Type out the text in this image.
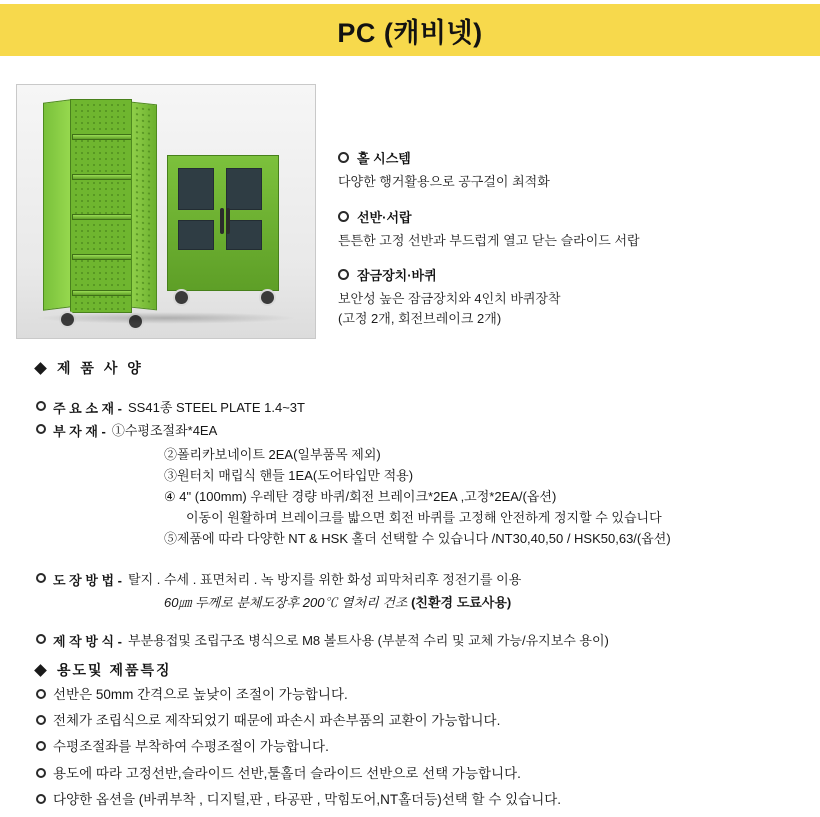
PC (캐비넷)
홀 시스템
다양한 행거활용으로 공구걸이 최적화
선반·서랍
튼튼한 고정 선반과 부드럽게 열고 닫는 슬라이드 서랍
잠금장치·바퀴
보안성 높은 잠금장치와 4인치 바퀴장착
(고정 2개, 회전브레이크 2개)
제 품 사 양
주 요 소 재 - SS41종 STEEL PLATE 1.4~3T
부 자 재 - ①수평조절좌*4EA
②폴리카보네이트 2EA(일부품목 제외)
③원터치 매립식 핸들 1EA(도어타입만 적용)
④ 4" (100mm) 우레탄 경량 바퀴/회전 브레이크*2EA ,고정*2EA/(옵션)
이동이 원활하며 브레이크를 밟으면 회전 바퀴를 고정해 안전하게 정지할 수 있습니다
⑤제품에 따라 다양한 NT & HSK 홀더 선택할 수 있습니다 /NT30,40,50 / HSK50,63/(옵션)
도 장 방 법 - 탈지 . 수세 . 표면처리 . 녹 방지를 위한 화성 피막처리후 정전기를 이용
60㎛ 두께로 분체도장후 200℃ 열처리 건조 (친환경 도료사용)
제 작 방 식 - 부분용접및 조립구조 병식으로 M8 볼트사용 (부분적 수리 및 교체 가능/유지보수 용이)
용도및 제품특징
선반은 50mm 간격으로 높낮이 조절이 가능합니다.
전체가 조립식으로 제작되었기 때문에 파손시 파손부품의 교환이 가능합니다.
수평조절좌를 부착하여 수평조절이 가능합니다.
용도에 따라 고정선반,슬라이드 선반,툴홀더 슬라이드 선반으로 선택 가능합니다.
다양한 옵션을 (바퀴부착 , 디지털,판 , 타공판 , 막힘도어,NT홀더등)선택 할 수 있습니다.
